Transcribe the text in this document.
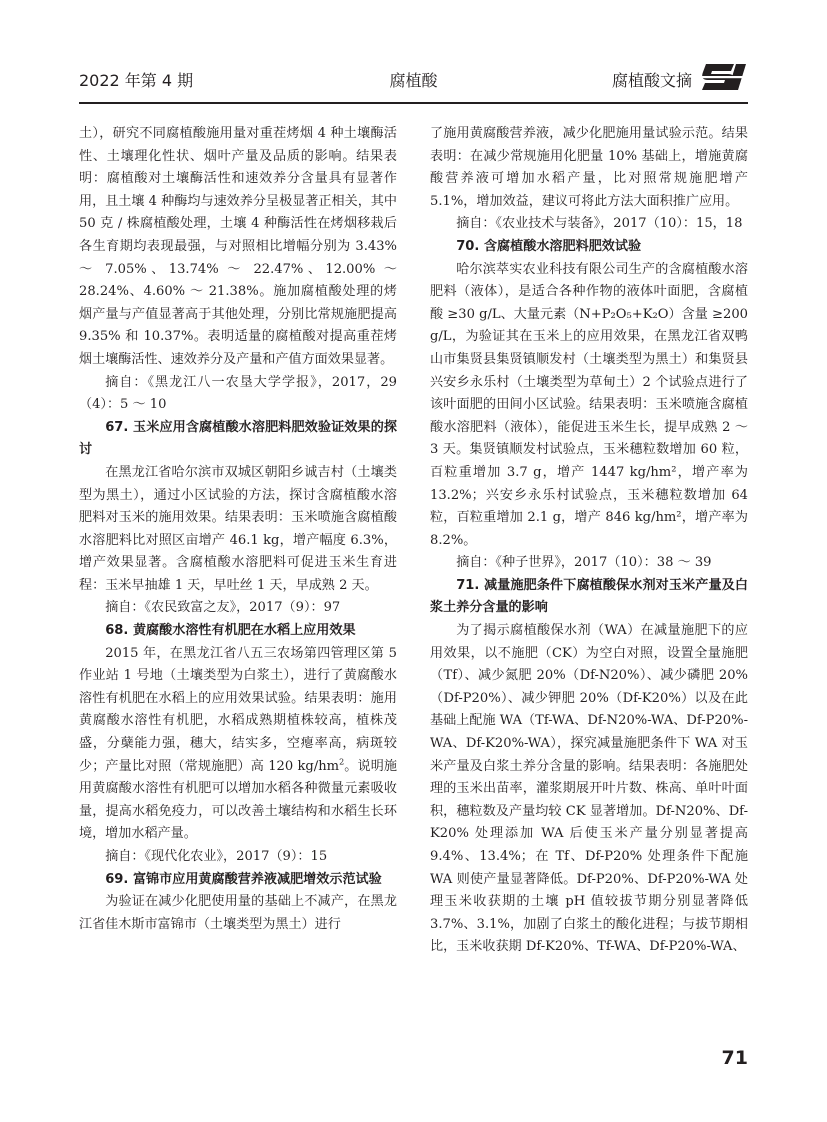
2022 年第 4 期	腐植酸	腐植酸文摘

土），研究不同腐植酸施用量对重茬烤烟 4 种土壤酶活性、土壤理化性状、烟叶产量及品质的影响。结果表明：腐植酸对土壤酶活性和速效养分含量具有显著作用，且土壤 4 种酶均与速效养分呈极显著正相关，其中 50 克 / 株腐植酸处理，土壤 4 种酶活性在烤烟移栽后各生育期均表现最强，与对照相比增幅分别为 3.43% ～ 7.05%、13.74% ～ 22.47%、12.00% ～ 28.24%、4.60% ～ 21.38%。施加腐植酸处理的烤烟产量与产值显著高于其他处理，分别比常规施肥提高 9.35% 和 10.37%。表明适量的腐植酸对提高重茬烤烟土壤酶活性、速效养分及产量和产值方面效果显著。

摘自：《黑龙江八一农垦大学学报》，2017，29（4）：5 ～ 10

67. 玉米应用含腐植酸水溶肥料肥效验证效果的探讨

在黑龙江省哈尔滨市双城区朝阳乡诚吉村（土壤类型为黑土），通过小区试验的方法，探讨含腐植酸水溶肥料对玉米的施用效果。结果表明：玉米喷施含腐植酸水溶肥料比对照区亩增产 46.1 kg，增产幅度 6.3%，增产效果显著。含腐植酸水溶肥料可促进玉米生育进程：玉米早抽雄 1 天，早吐丝 1 天，早成熟 2 天。

摘自：《农民致富之友》，2017（9）：97

68. 黄腐酸水溶性有机肥在水稻上应用效果

2015 年，在黑龙江省八五三农场第四管理区第 5 作业站 1 号地（土壤类型为白浆土），进行了黄腐酸水溶性有机肥在水稻上的应用效果试验。结果表明：施用黄腐酸水溶性有机肥，水稻成熟期植株较高，植株茂盛，分蘖能力强，穗大，结实多，空瘪率高，病斑较少；产量比对照（常规施肥）高 120 $kg/hm^2$。说明施用黄腐酸水溶性有机肥可以增加水稻各种微量元素吸收量，提高水稻免疫力，可以改善土壤结构和水稻生长环境，增加水稻产量。

摘自：《现代化农业》，2017（9）：15

69. 富锦市应用黄腐酸营养液减肥增效示范试验

为验证在减少化肥使用量的基础上不减产，在黑龙江省佳木斯市富锦市（土壤类型为黑土）进行

了施用黄腐酸营养液，减少化肥施用量试验示范。结果表明：在减少常规施用化肥量 10% 基础上，增施黄腐酸营养液可增加水稻产量，比对照常规施肥增产 5.1%，增加效益，建议可将此方法大面积推广应用。

摘自：《农业技术与装备》，2017（10）：15，18

70. 含腐植酸水溶肥料肥效试验

哈尔滨萃实农业科技有限公司生产的含腐植酸水溶肥料（液体），是适合各种作物的液体叶面肥，含腐植酸 ≥30 g/L、大量元素（N+P₂O₅+K₂O）含量 ≥200 g/L，为验证其在玉米上的应用效果，在黑龙江省双鸭山市集贤县集贤镇顺发村（土壤类型为黑土）和集贤县兴安乡永乐村（土壤类型为草甸土）2 个试验点进行了该叶面肥的田间小区试验。结果表明：玉米喷施含腐植酸水溶肥料（液体），能促进玉米生长，提早成熟 2 ～ 3 天。集贤镇顺发村试验点，玉米穗粒数增加 60 粒，百粒重增加 3.7 g，增产 1447 kg/hm²，增产率为 13.2%；兴安乡永乐村试验点，玉米穗粒数增加 64 粒，百粒重增加 2.1 g，增产 846 kg/hm²，增产率为 8.2%。

摘自：《种子世界》，2017（10）：38 ～ 39

71. 减量施肥条件下腐植酸保水剂对玉米产量及白浆土养分含量的影响

为了揭示腐植酸保水剂（WA）在减量施肥下的应用效果，以不施肥（CK）为空白对照，设置全量施肥（Tf）、减少氮肥 20%（Df-N20%）、减少磷肥 20%（Df-P20%）、减少钾肥 20%（Df-K20%）以及在此基础上配施 WA（Tf-WA、Df-N20%-WA、Df-P20%-WA、Df-K20%-WA），探究减量施肥条件下 WA 对玉米产量及白浆土养分含量的影响。结果表明：各施肥处理的玉米出苗率，灌浆期展开叶片数、株高、单叶叶面积，穗粒数及产量均较 CK 显著增加。Df-N20%、Df-K20% 处理添加 WA 后使玉米产量分别显著提高 9.4%、13.4%；在 Tf、Df-P20% 处理条件下配施 WA 则使产量显著降低。Df-P20%、Df-P20%-WA 处理玉米收获期的土壤 pH 值较拔节期分别显著降低 3.7%、3.1%，加剧了白浆土的酸化进程；与拔节期相比，玉米收获期 Df-K20%、Tf-WA、Df-P20%-WA、

71
